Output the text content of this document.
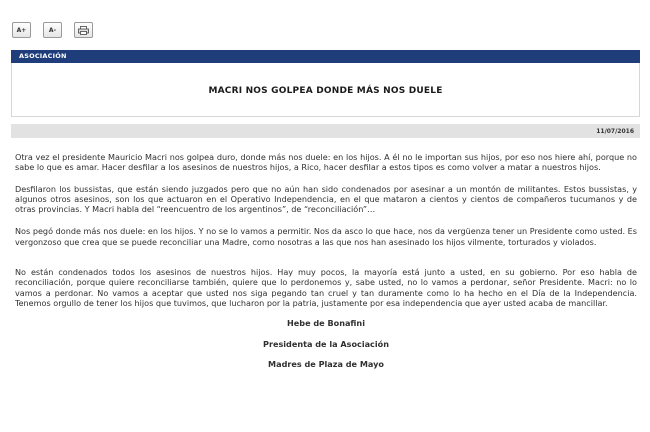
A+	A-
ASOCIACIÓN
MACRI NOS GOLPEA DONDE MÁS NOS DUELE
11/07/2016

Otra vez el presidente Mauricio Macri nos golpea duro, donde más nos duele: en los hijos. A él no le importan sus hijos, por eso nos hiere ahí, porque no sabe lo que es amar. Hacer desfilar a los asesinos de nuestros hijos, a Rico, hacer desfilar a estos tipos es como volver a matar a nuestros hijos.

Desfilaron los bussistas, que están siendo juzgados pero que no aún han sido condenados por asesinar a un montón de militantes. Estos bussistas, y algunos otros asesinos, son los que actuaron en el Operativo Independencia, en el que mataron a cientos y cientos de compañeros tucumanos y de otras provincias. Y Macri habla del “reencuentro de los argentinos”, de “reconciliación”…

Nos pegó donde más nos duele: en los hijos. Y no se lo vamos a permitir. Nos da asco lo que hace, nos da vergüenza tener un Presidente como usted. Es vergonzoso que crea que se puede reconciliar una Madre, como nosotras a las que nos han asesinado los hijos vilmente, torturados y violados.

No están condenados todos los asesinos de nuestros hijos. Hay muy pocos, la mayoría está junto a usted, en su gobierno. Por eso habla de reconciliación, porque quiere reconciliarse también, quiere que lo perdonemos y, sabe usted, no lo vamos a perdonar, señor Presidente. Macri: no lo vamos a perdonar. No vamos a aceptar que usted nos siga pegando tan cruel y tan duramente como lo ha hecho en el Día de la Independencia. Tenemos orgullo de tener los hijos que tuvimos, que lucharon por la patria, justamente por esa independencia que ayer usted acaba de mancillar.

Hebe de Bonafini

Presidenta de la Asociación

Madres de Plaza de Mayo
